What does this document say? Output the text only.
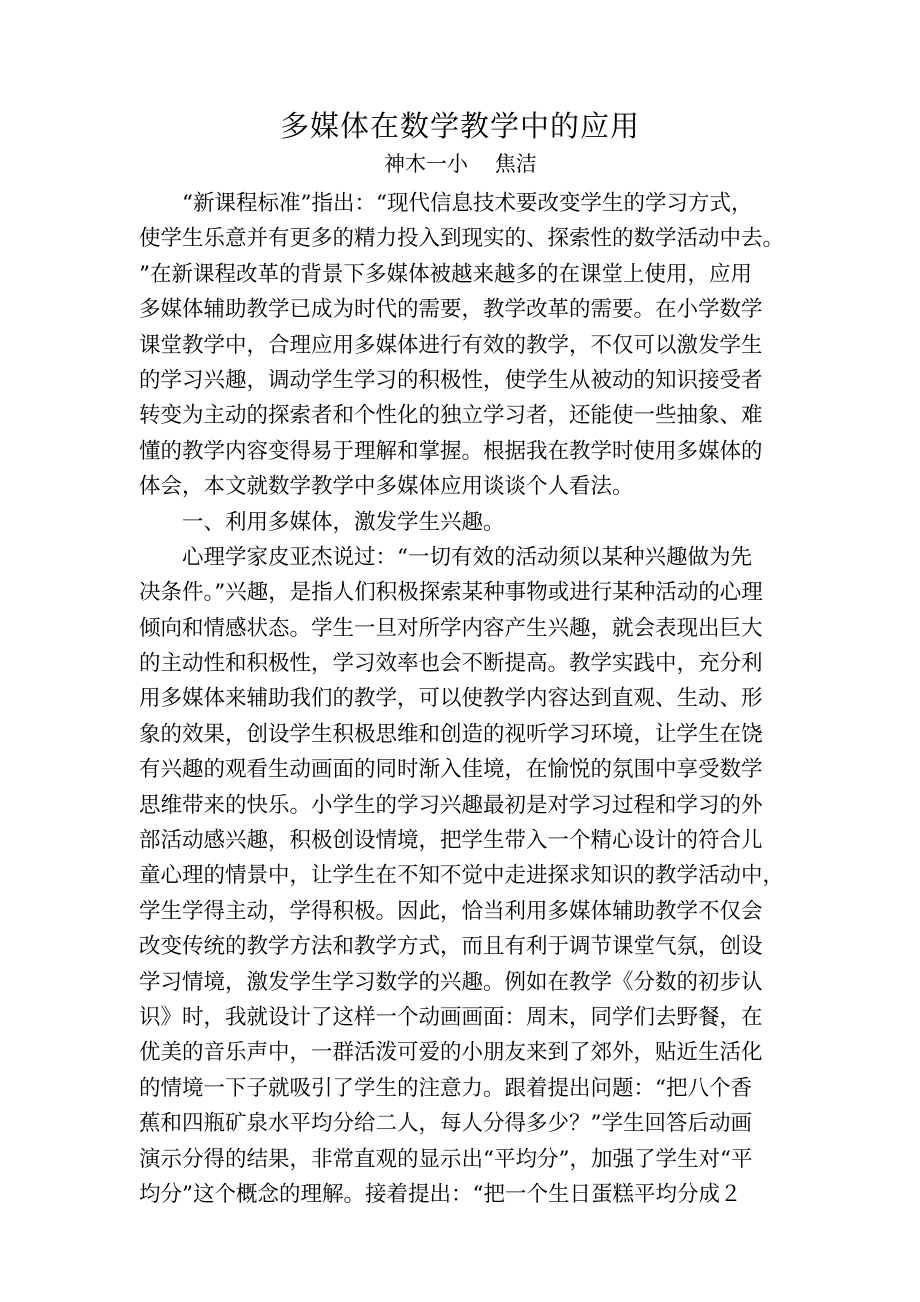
多媒体在数学教学中的应用
神木一小    焦洁
　　“新课程标准”指出：“现代信息技术要改变学生的学习方式，
使学生乐意并有更多的精力投入到现实的、探索性的数学活动中去。
”在新课程改革的背景下多媒体被越来越多的在课堂上使用，应用
多媒体辅助教学已成为时代的需要，教学改革的需要。在小学数学
课堂教学中，合理应用多媒体进行有效的教学，不仅可以激发学生
的学习兴趣，调动学生学习的积极性，使学生从被动的知识接受者
转变为主动的探索者和个性化的独立学习者，还能使一些抽象、难
懂的教学内容变得易于理解和掌握。根据我在教学时使用多媒体的
体会，本文就数学教学中多媒体应用谈谈个人看法。
　　一、利用多媒体，激发学生兴趣。
　　心理学家皮亚杰说过：“一切有效的活动须以某种兴趣做为先
决条件。”兴趣，是指人们积极探索某种事物或进行某种活动的心理
倾向和情感状态。学生一旦对所学内容产生兴趣，就会表现出巨大
的主动性和积极性，学习效率也会不断提高。教学实践中，充分利
用多媒体来辅助我们的教学，可以使教学内容达到直观、生动、形
象的效果，创设学生积极思维和创造的视听学习环境，让学生在饶
有兴趣的观看生动画面的同时渐入佳境，在愉悦的氛围中享受数学
思维带来的快乐。小学生的学习兴趣最初是对学习过程和学习的外
部活动感兴趣，积极创设情境，把学生带入一个精心设计的符合儿
童心理的情景中，让学生在不知不觉中走进探求知识的教学活动中，
学生学得主动，学得积极。因此，恰当利用多媒体辅助教学不仅会
改变传统的教学方法和教学方式，而且有利于调节课堂气氛，创设
学习情境，激发学生学习数学的兴趣。例如在教学《分数的初步认
识》时，我就设计了这样一个动画画面：周末，同学们去野餐，在
优美的音乐声中，一群活泼可爱的小朋友来到了郊外，贴近生活化
的情境一下子就吸引了学生的注意力。跟着提出问题：“把八个香
蕉和四瓶矿泉水平均分给二人，每人分得多少？”学生回答后动画
演示分得的结果，非常直观的显示出“平均分”，加强了学生对“平
均分”这个概念的理解。接着提出：“把一个生日蛋糕平均分成２
